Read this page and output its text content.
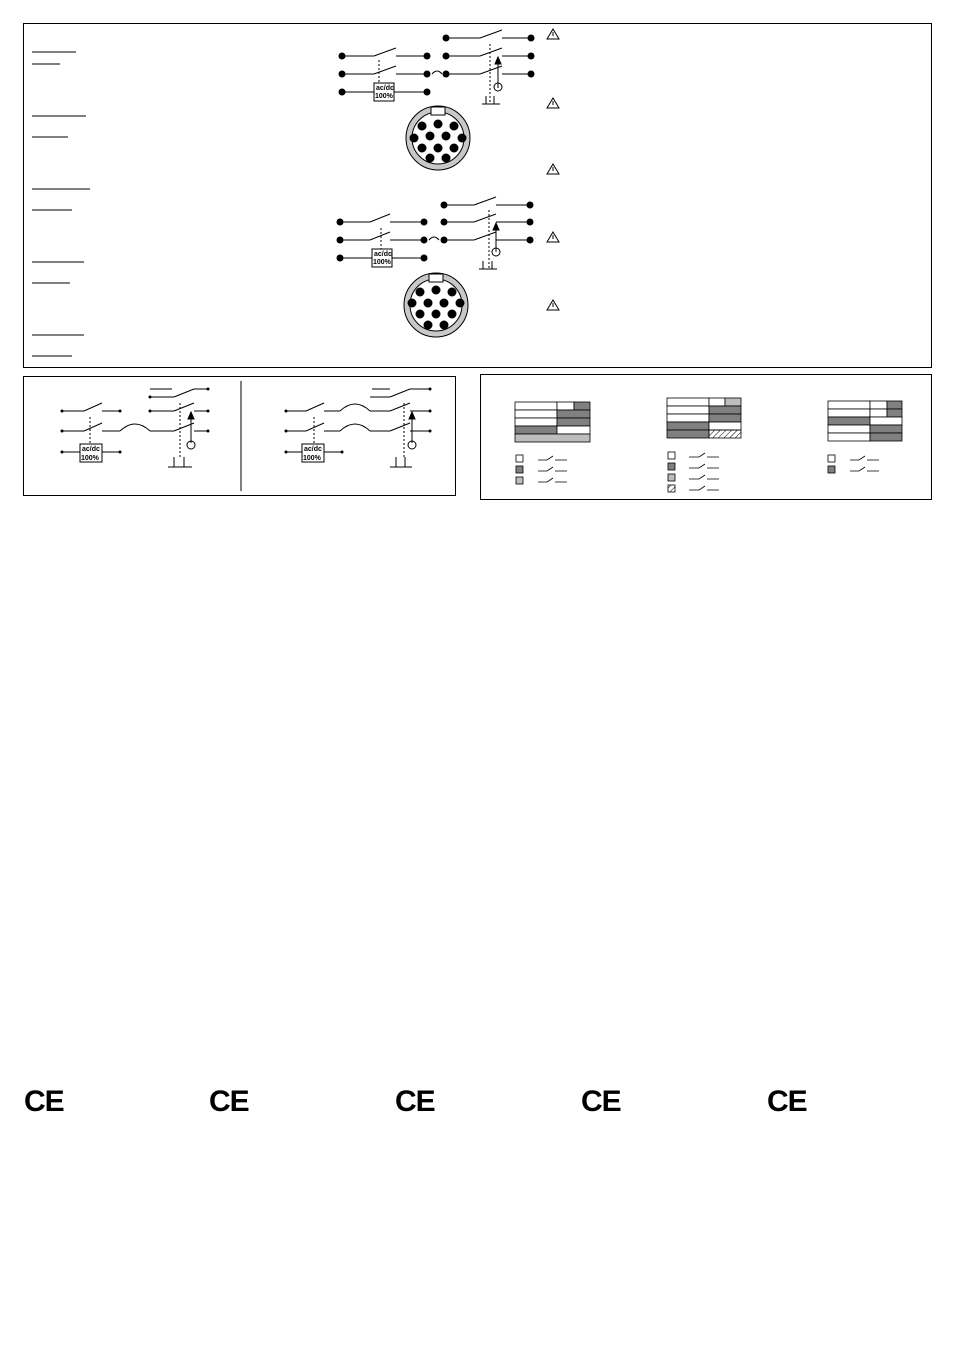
ac/dc
100%
ac/dc
100%
ac/dc
100%
ac/dc
100%
CE	CE	CE	CE	CE
